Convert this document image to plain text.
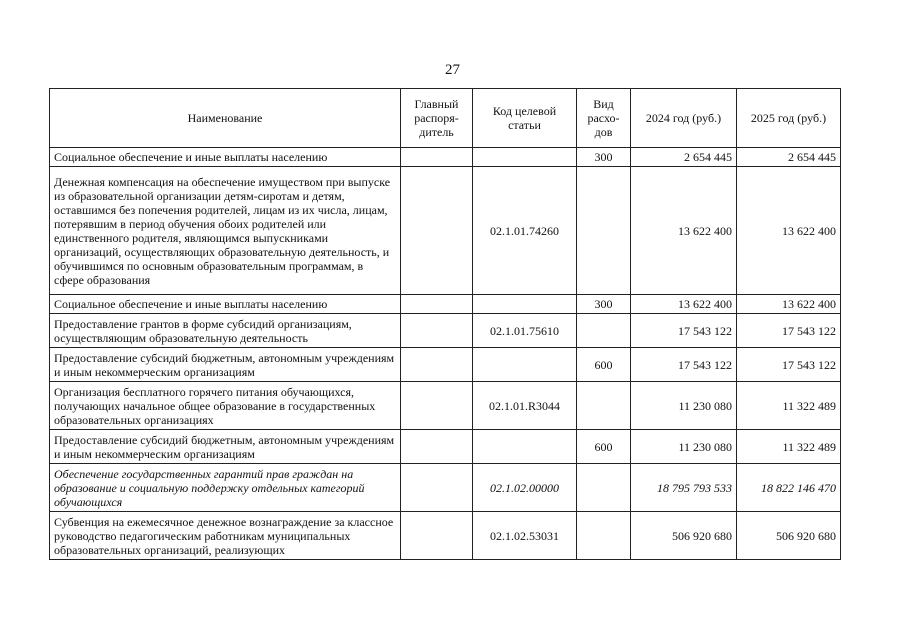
27
Наименование	Главный распоря-дитель	Код целевой статьи	Вид расхо-дов	2024 год (руб.)	2025 год (руб.)
Социальное обеспечение и иные выплаты населению			300	2 654 445	2 654 445
Денежная компенсация на обеспечение имуществом при выпуске из образовательной организации детям-сиротам и детям, оставшимся без попечения родителей, лицам из их числа, лицам, потерявшим в период обучения обоих родителей или единственного родителя, являющимся выпускниками организаций, осуществляющих образовательную деятельность, и обучившимся по основным образовательным программам, в сфере образования		02.1.01.74260		13 622 400	13 622 400
Социальное обеспечение и иные выплаты населению			300	13 622 400	13 622 400
Предоставление грантов в форме субсидий организациям, осуществляющим образовательную деятельность		02.1.01.75610		17 543 122	17 543 122
Предоставление субсидий бюджетным, автономным учреждениям и иным некоммерческим организациям			600	17 543 122	17 543 122
Организация бесплатного горячего питания обучающихся, получающих начальное общее образование в государственных образовательных организациях		02.1.01.R3044		11 230 080	11 322 489
Предоставление субсидий бюджетным, автономным учреждениям и иным некоммерческим организациям			600	11 230 080	11 322 489
Обеспечение государственных гарантий прав граждан на образование и социальную поддержку отдельных категорий обучающихся		02.1.02.00000		18 795 793 533	18 822 146 470
Субвенция на ежемесячное денежное вознаграждение за классное руководство педагогическим работникам муниципальных образовательных организаций, реализующих		02.1.02.53031		506 920 680	506 920 680
